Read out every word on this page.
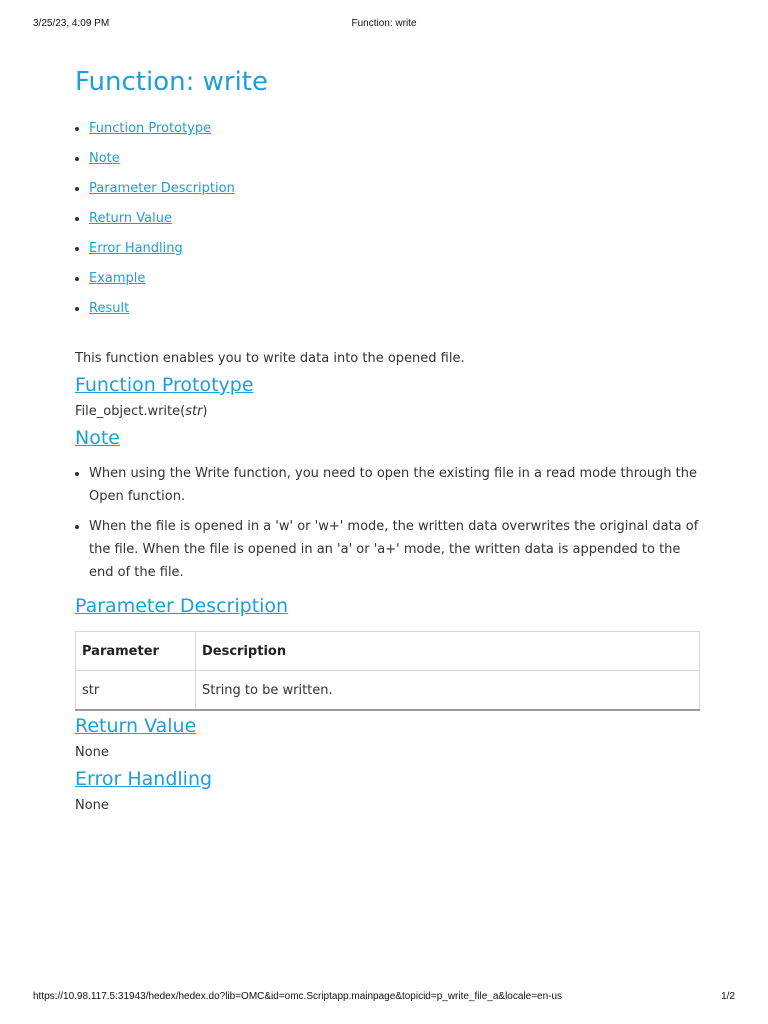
3/25/23, 4:09 PM	Function: write
Function: write
Function Prototype
Note
Parameter Description
Return Value
Error Handling
Example
Result

This function enables you to write data into the opened file.

Function Prototype

File_object.write(str)

Note
When using the Write function, you need to open the existing file in a read mode through the Open function.
When the file is opened in a 'w' or 'w+' mode, the written data overwrites the original data of the file. When the file is opened in an 'a' or 'a+' mode, the written data is appended to the end of the file.
Parameter Description
Parameter	Description
str	String to be written.
Return Value

None

Error Handling

None

https://10.98.117.5:31943/hedex/hedex.do?lib=OMC&id=omc.Scriptapp.mainpage&topicid=p_write_file_a&locale=en-us	1/2
